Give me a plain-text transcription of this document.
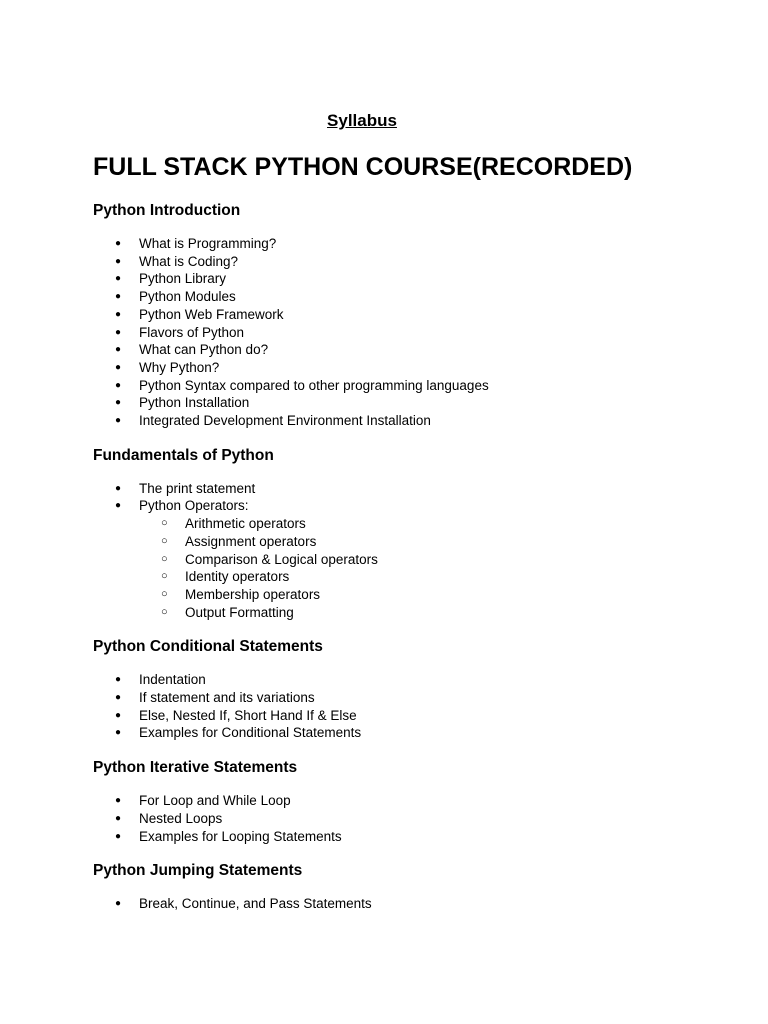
Syllabus
FULL STACK PYTHON COURSE(RECORDED)
Python Introduction
● What is Programming?
● What is Coding?
● Python Library
● Python Modules
● Python Web Framework
● Flavors of Python
● What can Python do?
● Why Python?
● Python Syntax compared to other programming languages
● Python Installation
● Integrated Development Environment Installation
Fundamentals of Python
● The print statement
● Python Operators:
○ Arithmetic operators
○ Assignment operators
○ Comparison & Logical operators
○ Identity operators
○ Membership operators
○ Output Formatting
Python Conditional Statements
● Indentation
● If statement and its variations
● Else, Nested If, Short Hand If & Else
● Examples for Conditional Statements
Python Iterative Statements
● For Loop and While Loop
● Nested Loops
● Examples for Looping Statements
Python Jumping Statements
● Break, Continue, and Pass Statements
